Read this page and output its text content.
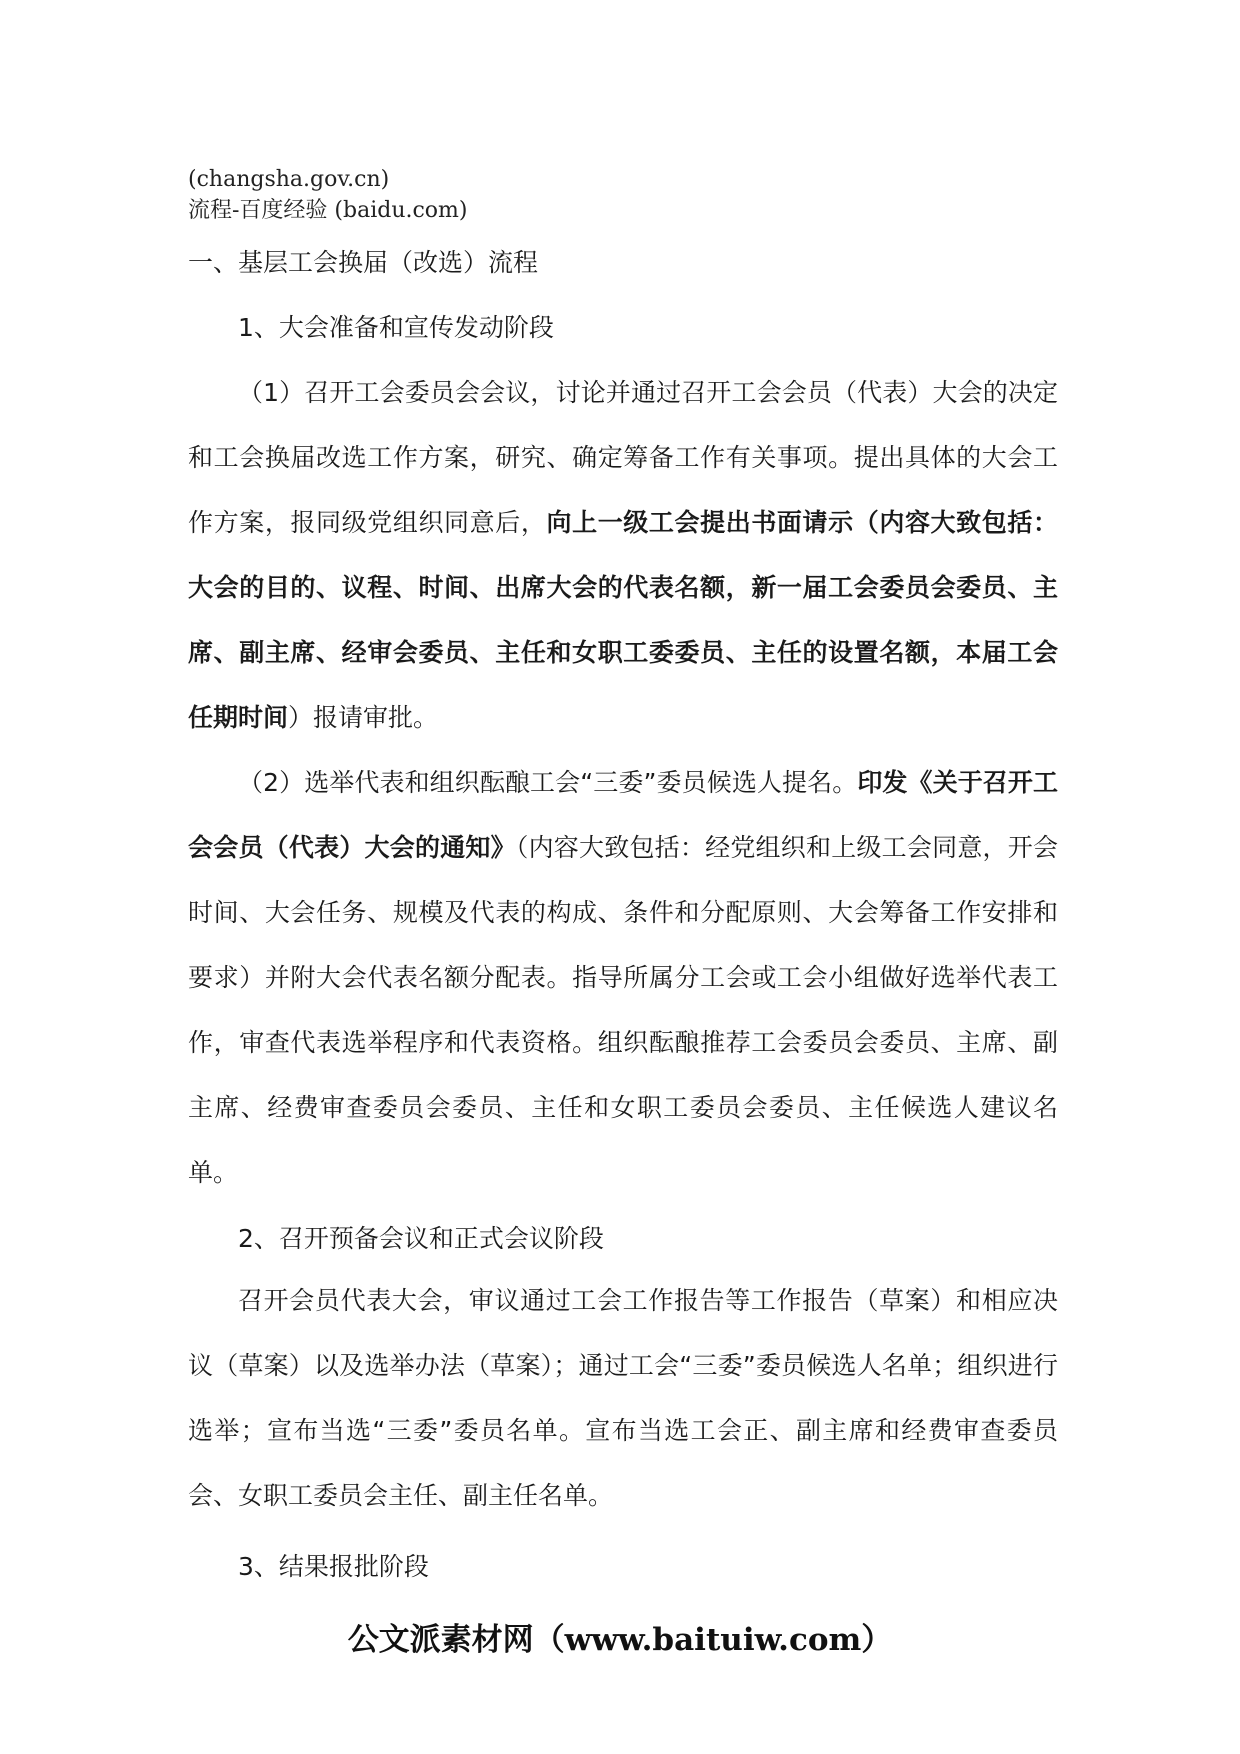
(changsha.gov.cn)
流程-百度经验 (baidu.com)
一、基层工会换届（改选）流程
1、大会准备和宣传发动阶段
（1）召开工会委员会会议，讨论并通过召开工会会员（代表）大会的决定和工会换届改选工作方案，研究、确定筹备工作有关事项。提出具体的大会工作方案，报同级党组织同意后，向上一级工会提出书面请示（内容大致包括：大会的目的、议程、时间、出席大会的代表名额，新一届工会委员会委员、主席、副主席、经审会委员、主任和女职工委委员、主任的设置名额，本届工会任期时间）报请审批。
（2）选举代表和组织酝酿工会“三委”委员候选人提名。印发《关于召开工会会员（代表）大会的通知》（内容大致包括：经党组织和上级工会同意，开会时间、大会任务、规模及代表的构成、条件和分配原则、大会筹备工作安排和要求）并附大会代表名额分配表。指导所属分工会或工会小组做好选举代表工作，审查代表选举程序和代表资格。组织酝酿推荐工会委员会委员、主席、副主席、经费审查委员会委员、主任和女职工委员会委员、主任候选人建议名单。
2、召开预备会议和正式会议阶段
召开会员代表大会，审议通过工会工作报告等工作报告（草案）和相应决议（草案）以及选举办法（草案）；通过工会“三委”委员候选人名单；组织进行选举；宣布当选“三委”委员名单。宣布当选工会正、副主席和经费审查委员会、女职工委员会主任、副主任名单。
3、结果报批阶段
公文派素材网（www.baituiw.com）
